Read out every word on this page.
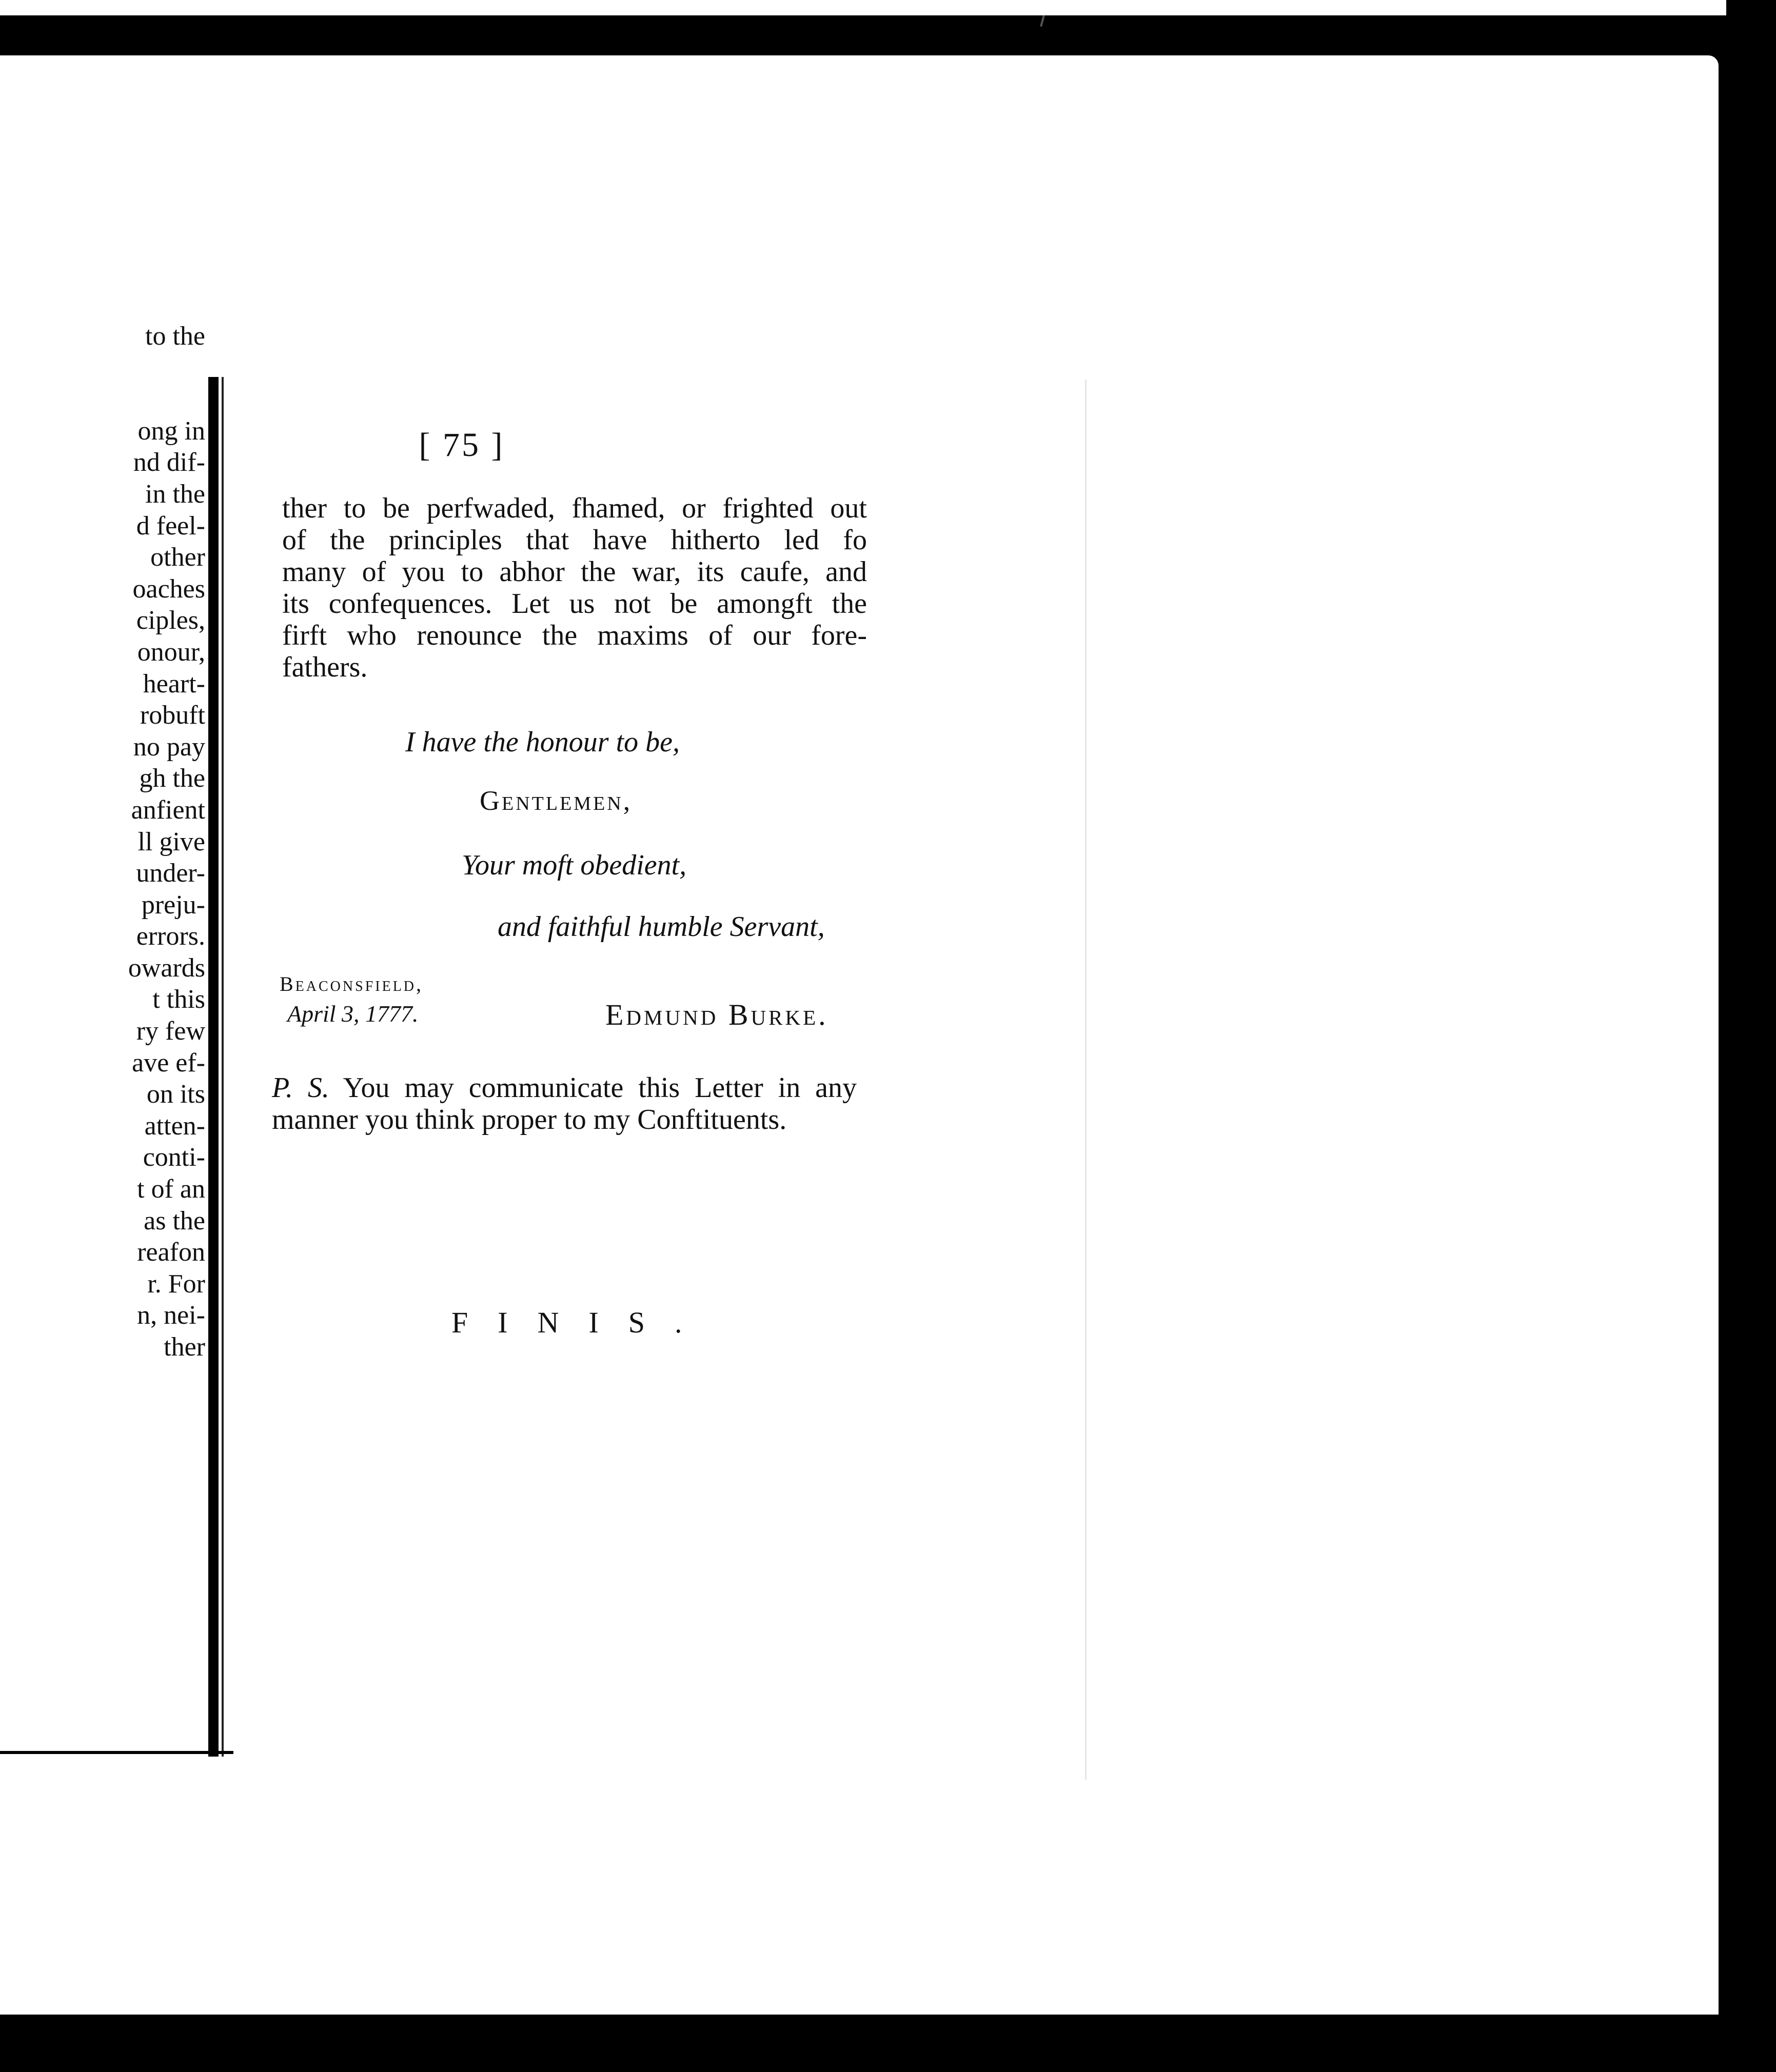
to the
ong in
nd dif-
in the
d feel-
other
oaches
ciples,
onour,
heart-
robuft
no pay
gh the
anfient
ll give
under-
preju-
errors.
owards
t this
ry few
ave ef-
on its
atten-
conti-
t of an
as the
reafon
r. For
n, nei-
ther
[ 75 ]
ther to be perfwaded, fhamed, or frighted out
of the principles that have hitherto led fo
many of you to abhor the war, its caufe, and
its confequences. Let us not be amongft the
firft who renounce the maxims of our fore-
fathers.
I have the honour to be,
Gentlemen,
Your moft obedient,
and faithful humble Servant,
Beaconsfield,
April 3, 1777.	Edmund Burke.
P. S. You may communicate this Letter in any manner you think proper to my Conftituents.
FINIS.
